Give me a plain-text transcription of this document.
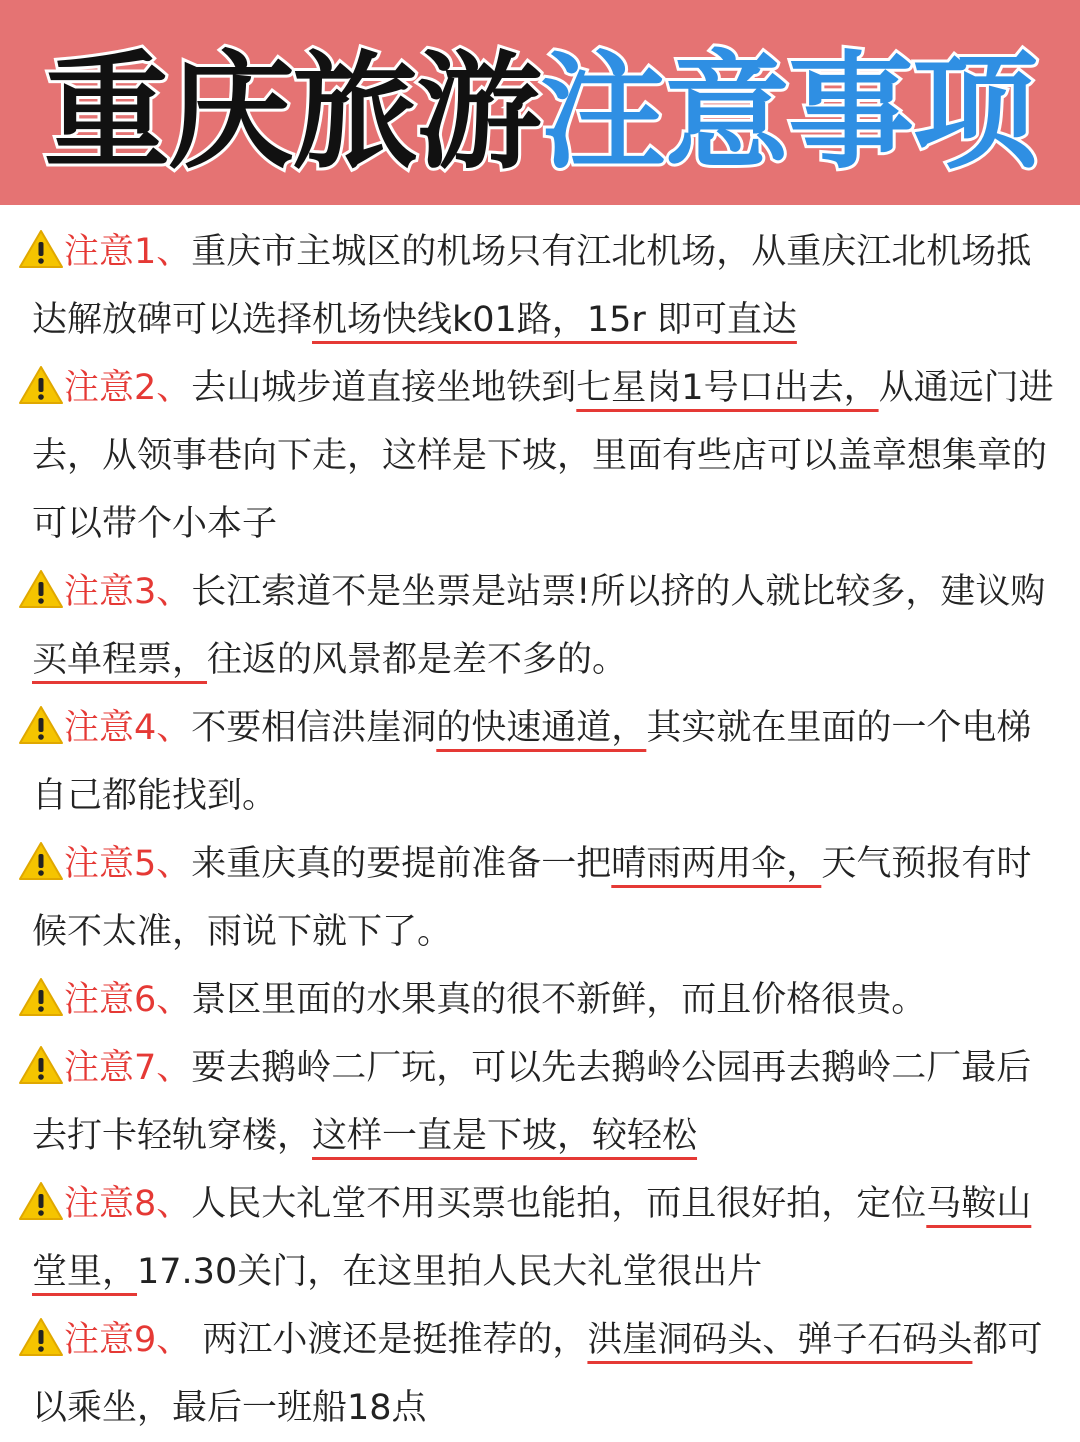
重庆旅游 注意事项
注意1、重庆市主城区的机场只有江北机场，从重庆江北机场抵达解放碑可以选择机场快线k01路，15r 即可直达
注意2、去山城步道直接坐地铁到七星岗1号口出去，从通远门进去，从领事巷向下走，这样是下坡，里面有些店可以盖章想集章的可以带个小本子
注意3、长江索道不是坐票是站票!所以挤的人就比较多，建议购买单程票，往返的风景都是差不多的。
注意4、不要相信洪崖洞的快速通道，其实就在里面的一个电梯自己都能找到。
注意5、来重庆真的要提前准备一把晴雨两用伞，天气预报有时候不太准，雨说下就下了。
注意6、景区里面的水果真的很不新鲜，而且价格很贵。
注意7、要去鹅岭二厂玩，可以先去鹅岭公园再去鹅岭二厂最后去打卡轻轨穿楼，这样一直是下坡，较轻松
注意8、人民大礼堂不用买票也能拍，而且很好拍，定位马鞍山堂里，17.30关门，在这里拍人民大礼堂很出片
注意9、 两江小渡还是挺推荐的，洪崖洞码头、弹子石码头都可以乘坐，最后一班船18点
